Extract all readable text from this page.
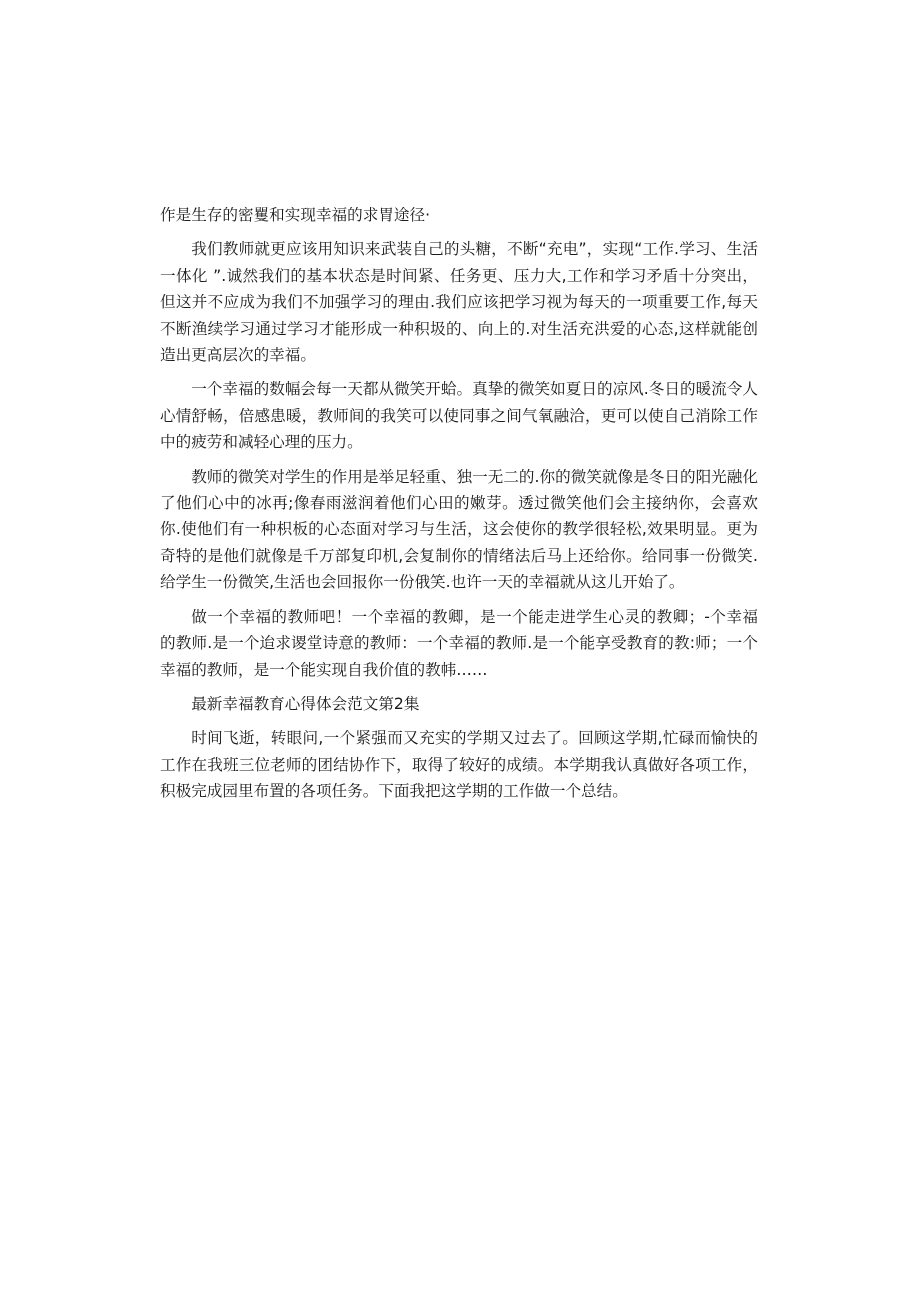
作是生存的密矍和实现幸福的求胃途径·

我们教师就更应该用知识来武装自己的头糖，不断“充电”，实现“工作.学习、生活一体化 ”.诚然我们的基本状态是时间紧、任务更、压力大,工作和学习矛盾十分突出，但这并不应成为我们不加强学习的理由.我们应该把学习视为每天的一项重要工作,每天不断渔续学习通过学习才能形成一种积圾的、向上的.对生活充洪爱的心态,这样就能创造出更高层次的幸福。

一个幸福的数幅会每一天都从微笑开蛤。真挚的微笑如夏日的凉风.冬日的暖流令人心情舒畅，倍感患暖，教师间的我笑可以使同事之间气氧融洽，更可以使自己消除工作中的疲劳和减轻心理的压力。

教师的微笑对学生的作用是举足轻重、独一无二的.你的微笑就像是冬日的阳光融化了他们心中的冰再;像春雨滋润着他们心田的嫩芽。透过微笑他们会主接纳你，会喜欢你.使他们有一种枳板的心态面对学习与生活，这会使你的教学很轻松,效果明显。更为奇特的是他们就像是千万部复印机,会复制你的情绪法后马上还给你。给同事一份微笑.给学生一份微笑,生活也会回报你一份俄笑.也许一天的幸福就从这儿开始了。

做一个幸福的教师吧！一个幸福的教卿，是一个能走进学生心灵的教卿；-个幸福的教师.是一个迨求谡堂诗意的教师：一个幸福的教师.是一个能享受教育的教:师；一个幸福的教师，是一个能实现自我价值的教帏……

最新幸福教育心得体会范文第2集

时间飞逝，转眼问,一个紧强而又充实的学期又过去了。回顾这学期,忙碌而愉快的工作在我班三位老师的团结协作下，取得了较好的成绩。本学期我认真做好各项工作，积极完成园里布置的各项任务。下面我把这学期的工作做一个总结。
